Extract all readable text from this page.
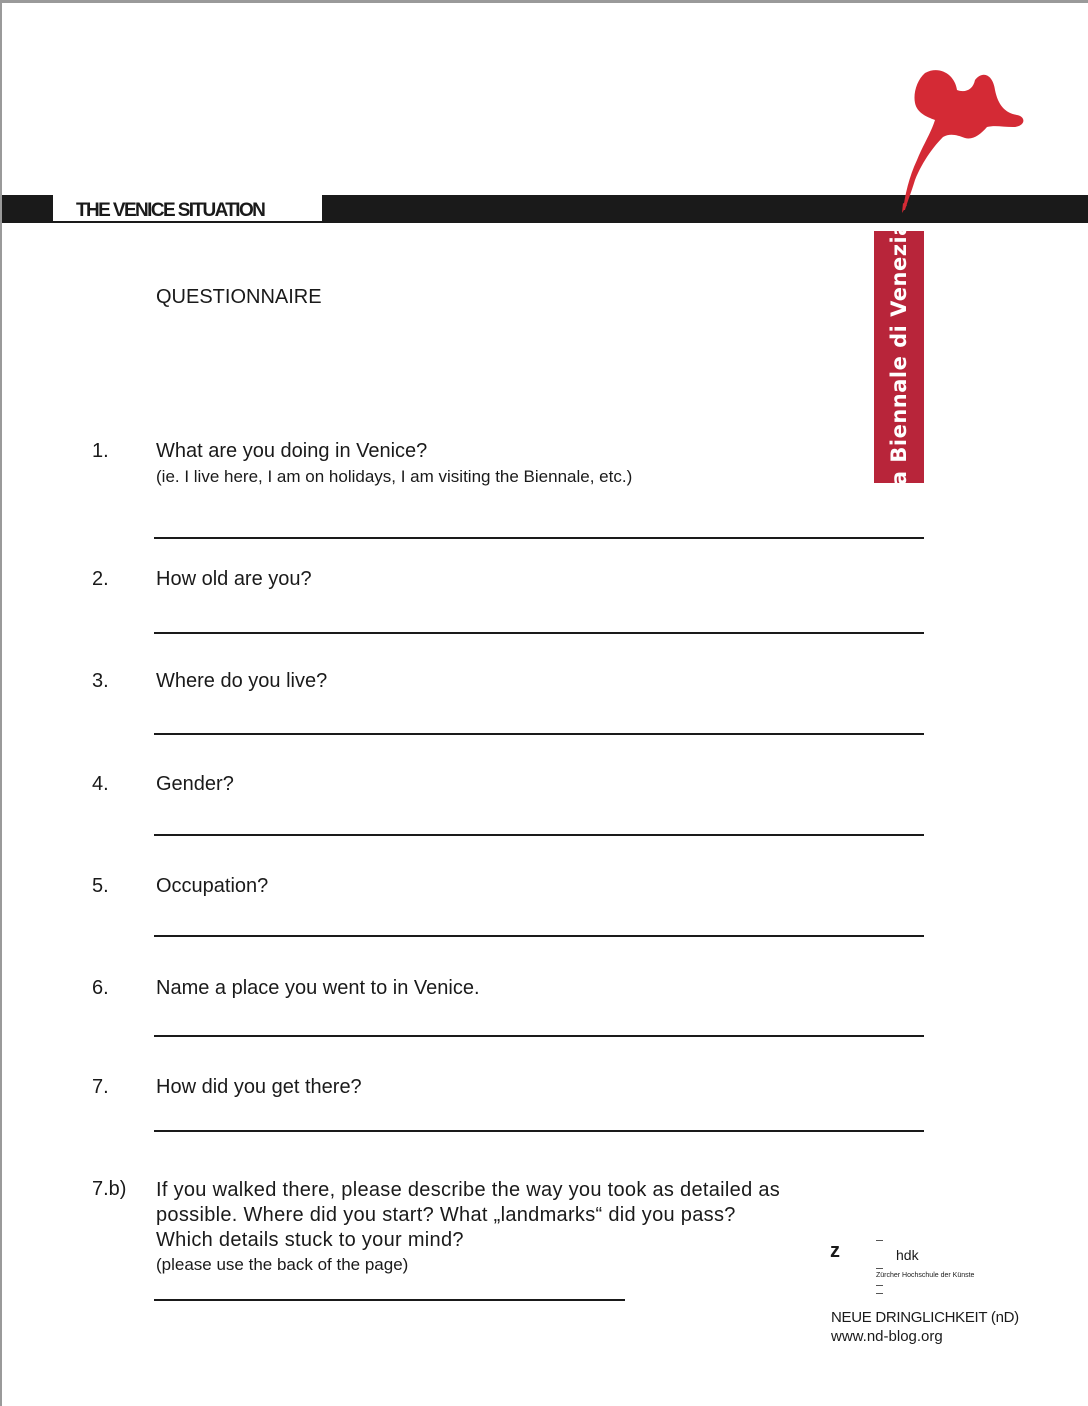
THE VENICE SITUATION
la Biennale di Venezia
QUESTIONNAIRE
1. What are you doing in Venice?
(ie. I live here, I am on holidays, I am visiting the Biennale, etc.)
2. How old are you?
3. Where do you live?
4. Gender?
5. Occupation?
6. Name a place you went to in Venice.
7. How did you get there?
7.b) If you walked there, please describe the way you took as detailed as possible. Where did you start? What „landmarks“ did you pass? Which details stuck to your mind?
(please use the back of the page)
z	hdk
Zürcher Hochschule der Künste
NEUE DRINGLICHKEIT (nD)
www.nd-blog.org
